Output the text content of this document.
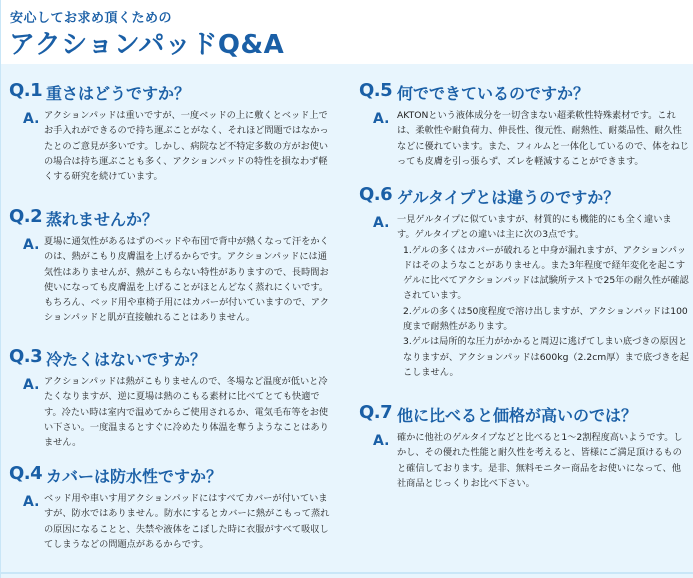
安心してお求め頂くための
アクションパッドQ&A
Q.1 重さはどうですか？
A. アクションパッドは重いですが、一度ベッドの上に敷くとベッド上でお手入れができるので持ち運ぶことがなく、それほど問題ではなかったとのご意見が多いです。しかし、病院など不特定多数の方がお使いの場合は持ち運ぶことも多く、アクションパッドの特性を損なわず軽くする研究を続けています。
Q.2 蒸れませんか？
A. 夏場に通気性があるはずのベッドや布団で背中が熱くなって汗をかくのは、熱がこもり皮膚温を上げるからです。アクションパッドには通気性はありませんが、熱がこもらない特性がありますので、長時間お使いになっても皮膚温を上げることがほとんどなく蒸れにくいです。もちろん、ベッド用や車椅子用にはカバーが付いていますので、アクションパッドと肌が直接触れることはありません。
Q.3 冷たくはないですか？
A. アクションパッドは熱がこもりませんので、冬場など温度が低いと冷たくなりますが、逆に夏場は熱のこもる素材に比べてとても快適です。冷たい時は室内で温めてからご使用されるか、電気毛布等をお使い下さい。一度温まるとすぐに冷めたり体温を奪うようなことはありません。
Q.4 カバーは防水性ですか？
A. ベッド用や車いす用アクションパッドにはすべてカバーが付いていますが、防水ではありません。防水にするとカバーに熱がこもって蒸れの原因になることと、失禁や液体をこぼした時に衣服がすべて吸収してしまうなどの問題点があるからです。
Q.5 何でできているのですか？
A. AKTONという液体成分を一切含まない超柔軟性特殊素材です。これは、柔軟性や耐負荷力、伸長性、復元性、耐熱性、耐薬品性、耐久性などに優れています。また、フィルムと一体化しているので、体をねじっても皮膚を引っ張らず、ズレを軽減することができます。
Q.6 ゲルタイプとは違うのですか？
A. 一見ゲルタイプに似ていますが、材質的にも機能的にも全く違います。ゲルタイプとの違いは主に次の3点です。

1.ゲルの多くはカバーが破れると中身が漏れますが、アクションパッドはそのようなことがありません。また3年程度で経年変化を起こすゲルに比べてアクションパッドは試験所テストで25年の耐久性が確認されています。

2.ゲルの多くは50度程度で溶け出しますが、アクションパッドは100度まで耐熱性があります。

3.ゲルは局所的な圧力がかかると周辺に逃げてしまい底づきの原因となりますが、アクションパッドは600kg（2.2cm厚）まで底づきを起こしません。

Q.7 他に比べると価格が高いのでは？
A. 確かに他社のゲルタイプなどと比べると1～2割程度高いようです。しかし、その優れた性能と耐久性を考えると、皆様にご満足頂けるものと確信しております。是非、無料モニター商品をお使いになって、他社商品とじっくりお比べ下さい。
